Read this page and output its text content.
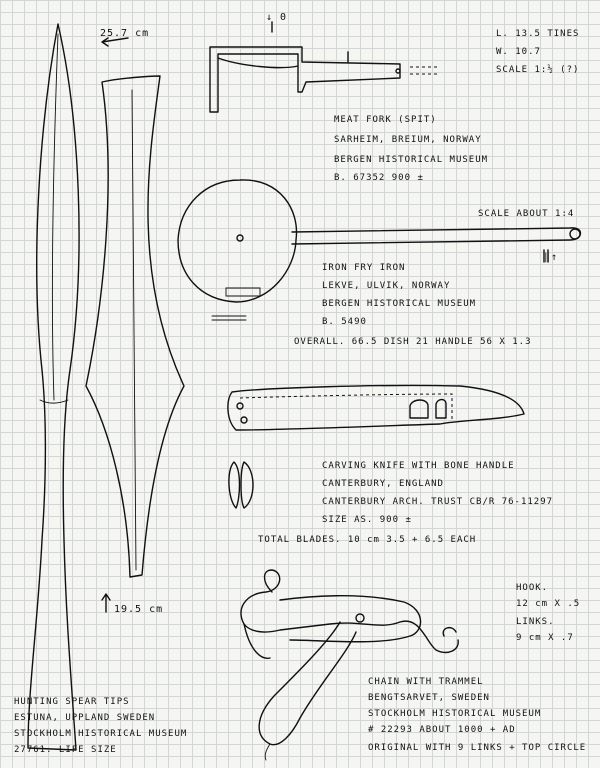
25.7 cm
19.5 cm
HUNTING SPEAR TIPS
ESTUNA, UPPLAND SWEDEN
STOCKHOLM HISTORICAL MUSEUM
27761. LIFE SIZE
↓ 0
L. 13.5 TINES
W. 10.7
SCALE 1:½ (?)
MEAT FORK (SPIT)
SARHEIM, BREIUM, NORWAY
BERGEN HISTORICAL MUSEUM
B. 67352 900 ±
SCALE ABOUT 1:4
‖↑
IRON FRY IRON
LEKVE, ULVIK, NORWAY
BERGEN HISTORICAL MUSEUM
B. 5490
OVERALL. 66.5 DISH 21 HANDLE 56 X 1.3
CARVING KNIFE WITH BONE HANDLE
CANTERBURY, ENGLAND
CANTERBURY ARCH. TRUST CB/R 76-11297
SIZE AS. 900 ±
TOTAL BLADES. 10 cm 3.5 + 6.5 EACH
HOOK.
12 cm X .5
LINKS.
9 cm X .7
CHAIN WITH TRAMMEL
BENGTSARVET, SWEDEN
STOCKHOLM HISTORICAL MUSEUM
# 22293 ABOUT 1000 + AD
ORIGINAL WITH 9 LINKS + TOP CIRCLE
